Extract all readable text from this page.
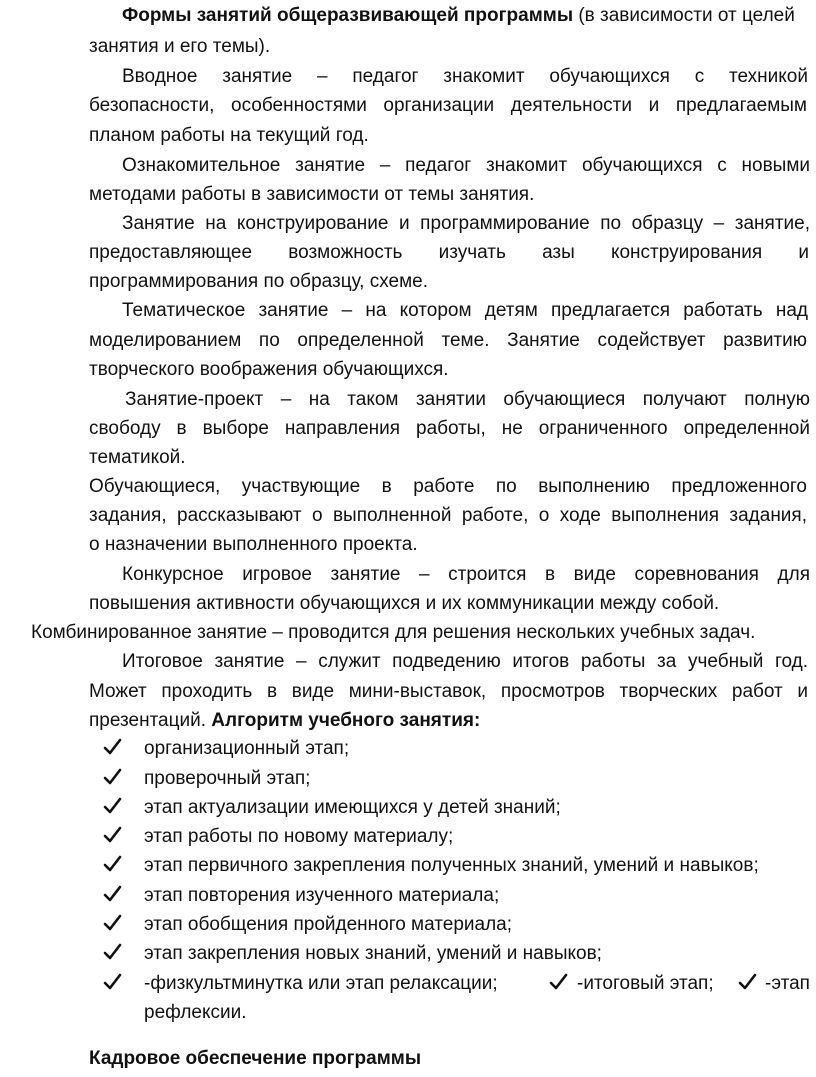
Формы занятий общеразвивающей программы (в зависимости от целей
занятия и его темы).
Вводное занятие – педагог знакомит обучающихся с техникой
безопасности, особенностями организации деятельности и предлагаемым
планом работы на текущий год.
Ознакомительное занятие – педагог знакомит обучающихся с новыми
методами работы в зависимости от темы занятия.
Занятие на конструирование и программирование по образцу – занятие,
предоставляющее возможность изучать азы конструирования и
программирования по образцу, схеме.
Тематическое занятие – на котором детям предлагается работать над
моделированием по определенной теме. Занятие содействует развитию
творческого воображения обучающихся.
Занятие-проект – на таком занятии обучающиеся получают полную
свободу в выборе направления работы, не ограниченного определенной
тематикой.
Обучающиеся, участвующие в работе по выполнению предложенного
задания, рассказывают о выполненной работе, о ходе выполнения задания,
о назначении выполненного проекта.
Конкурсное игровое занятие – строится в виде соревнования для
повышения активности обучающихся и их коммуникации между собой.
Комбинированное занятие – проводится для решения нескольких учебных задач.
Итоговое занятие – служит подведению итогов работы за учебный год.
Может проходить в виде мини-выставок, просмотров творческих работ и
презентаций. Алгоритм учебного занятия:
организационный этап;
проверочный этап;
этап актуализации имеющихся у детей знаний;
этап работы по новому материалу;
этап первичного закрепления полученных знаний, умений и навыков;
этап повторения изученного материала;
этап обобщения пройденного материала;
этап закрепления новых знаний, умений и навыков;
-физкультминутка или этап релаксации;	-итоговый этап;	-этап
рефлексии.
Кадровое обеспечение программы
